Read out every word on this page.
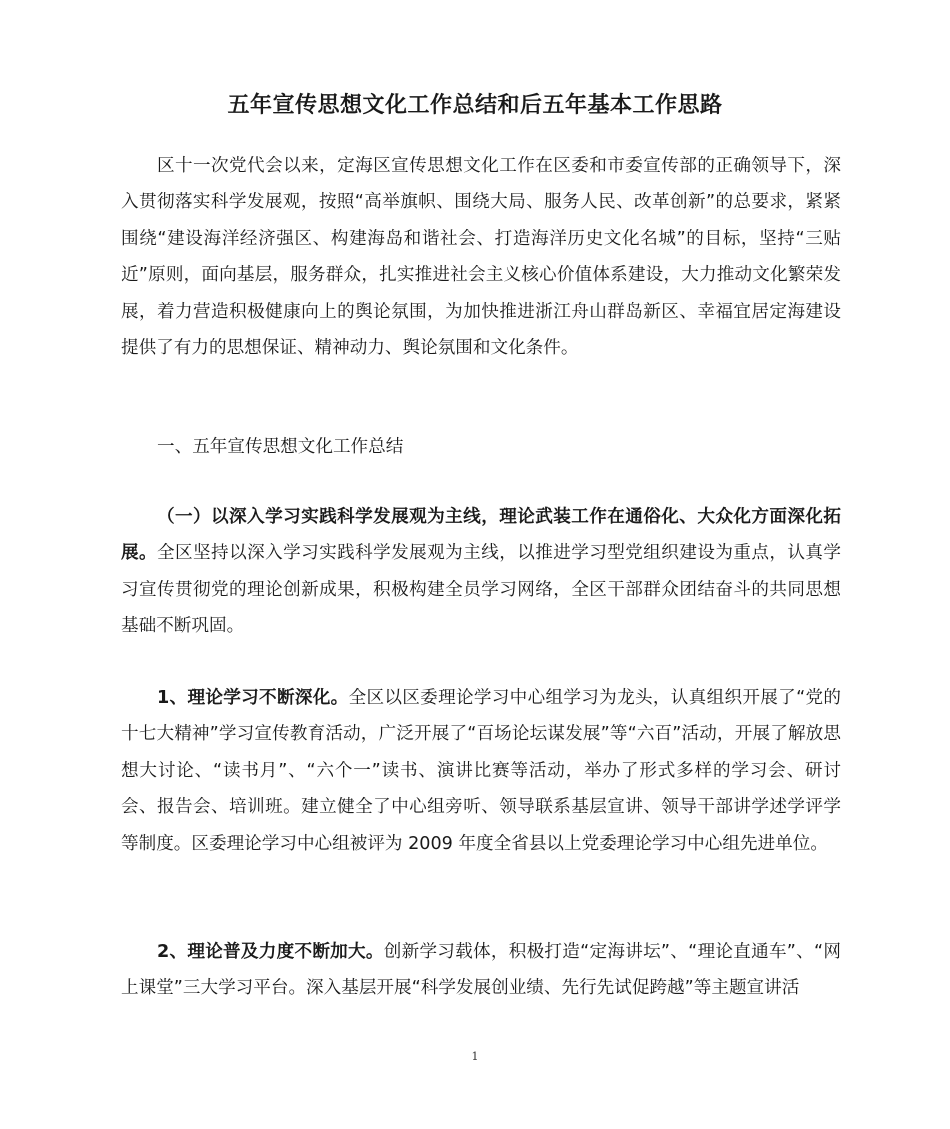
五年宣传思想文化工作总结和后五年基本工作思路

区十一次党代会以来，定海区宣传思想文化工作在区委和市委宣传部的正确领导下，深入贯彻落实科学发展观，按照“高举旗帜、围绕大局、服务人民、改革创新”的总要求，紧紧围绕“建设海洋经济强区、构建海岛和谐社会、打造海洋历史文化名城”的目标，坚持“三贴近”原则，面向基层，服务群众，扎实推进社会主义核心价值体系建设，大力推动文化繁荣发展，着力营造积极健康向上的舆论氛围，为加快推进浙江舟山群岛新区、幸福宜居定海建设提供了有力的思想保证、精神动力、舆论氛围和文化条件。

一、五年宣传思想文化工作总结

（一）以深入学习实践科学发展观为主线，理论武装工作在通俗化、大众化方面深化拓展。全区坚持以深入学习实践科学发展观为主线，以推进学习型党组织建设为重点，认真学习宣传贯彻党的理论创新成果，积极构建全员学习网络，全区干部群众团结奋斗的共同思想基础不断巩固。

1、理论学习不断深化。全区以区委理论学习中心组学习为龙头，认真组织开展了“党的十七大精神”学习宣传教育活动，广泛开展了“百场论坛谋发展”等“六百”活动，开展了解放思想大讨论、“读书月”、“六个一”读书、演讲比赛等活动，举办了形式多样的学习会、研讨会、报告会、培训班。建立健全了中心组旁听、领导联系基层宣讲、领导干部讲学述学评学等制度。区委理论学习中心组被评为 2009 年度全省县以上党委理论学习中心组先进单位。

2、理论普及力度不断加大。创新学习载体，积极打造“定海讲坛”、“理论直通车”、“网上课堂”三大学习平台。深入基层开展“科学发展创业绩、先行先试促跨越”等主题宣讲活

1
